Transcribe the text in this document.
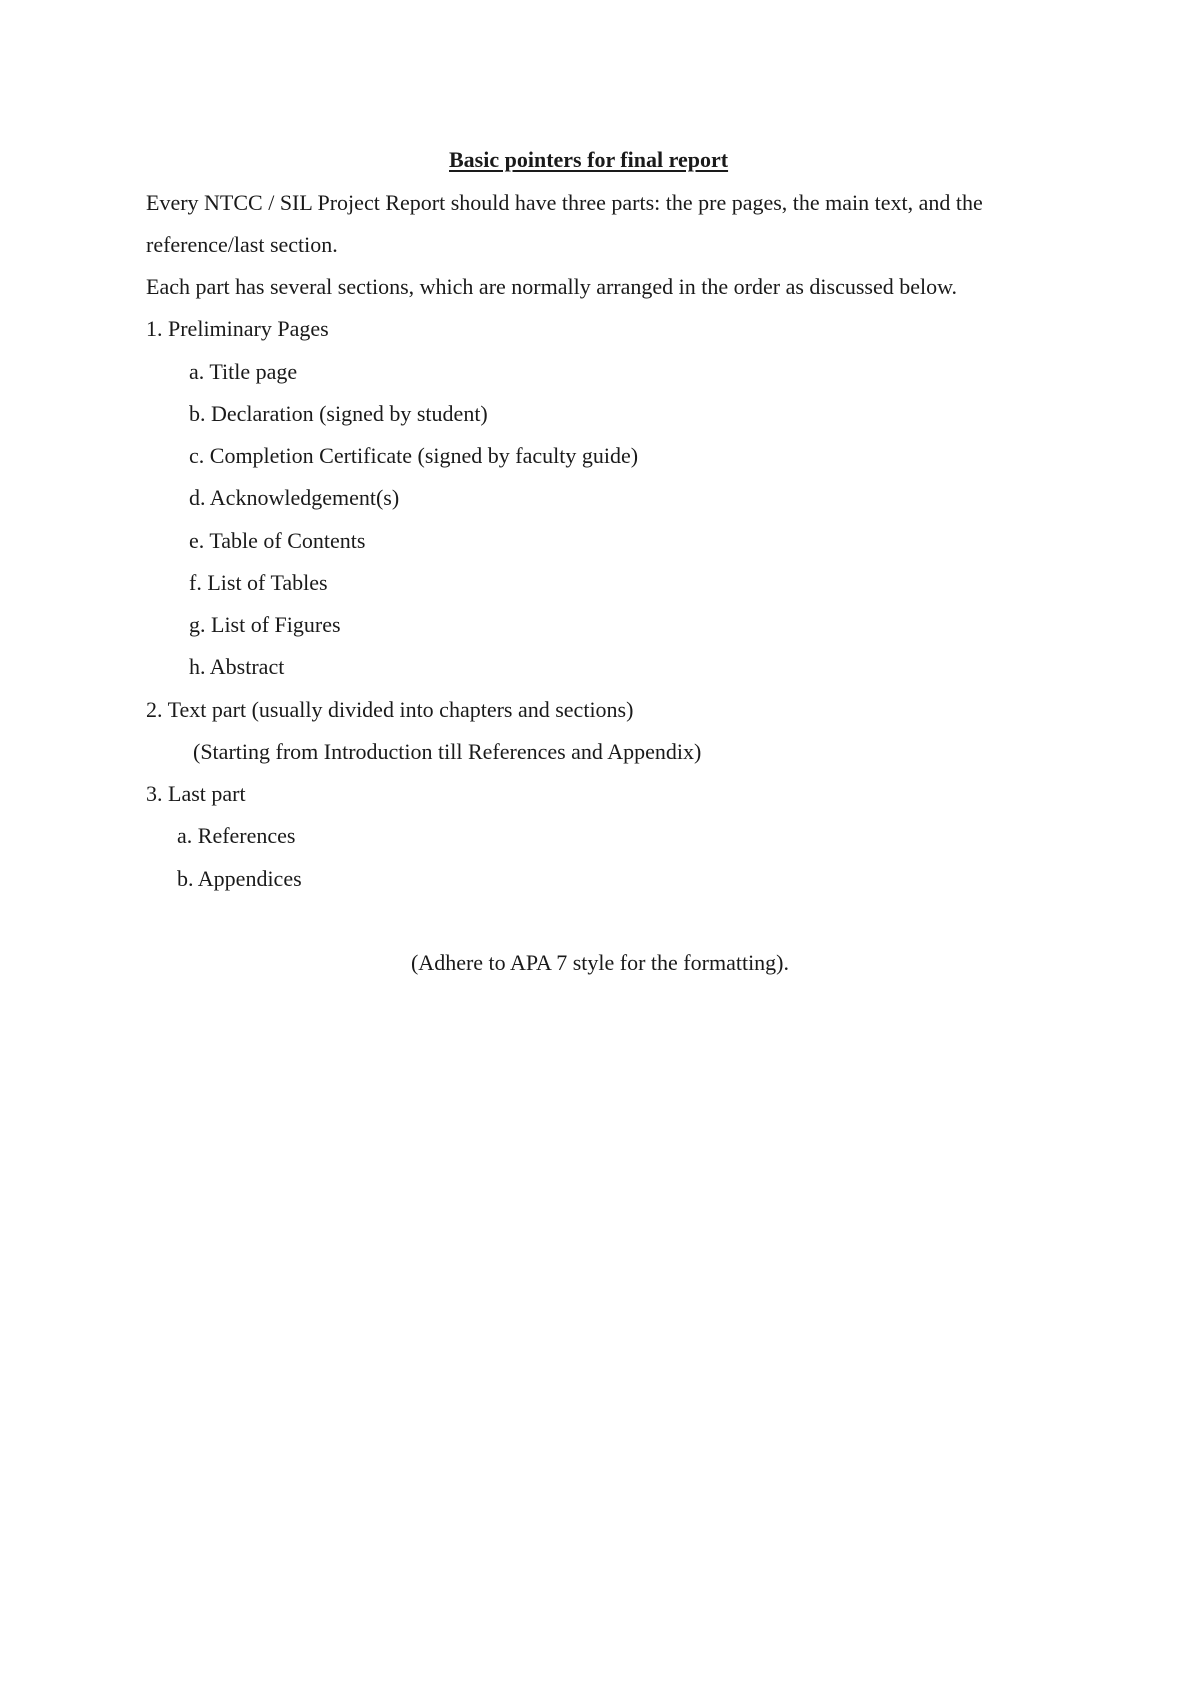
Basic pointers for final report
Every NTCC / SIL Project Report should have three parts: the pre pages, the main text, and the
reference/last section.
Each part has several sections, which are normally arranged in the order as discussed below.
1. Preliminary Pages
a. Title page
b. Declaration (signed by student)
c. Completion Certificate (signed by faculty guide)
d. Acknowledgement(s)
e. Table of Contents
f. List of Tables
g. List of Figures
h. Abstract
2. Text part (usually divided into chapters and sections)
(Starting from Introduction till References and Appendix)
3. Last part
a. References
b. Appendices
(Adhere to APA 7 style for the formatting).
